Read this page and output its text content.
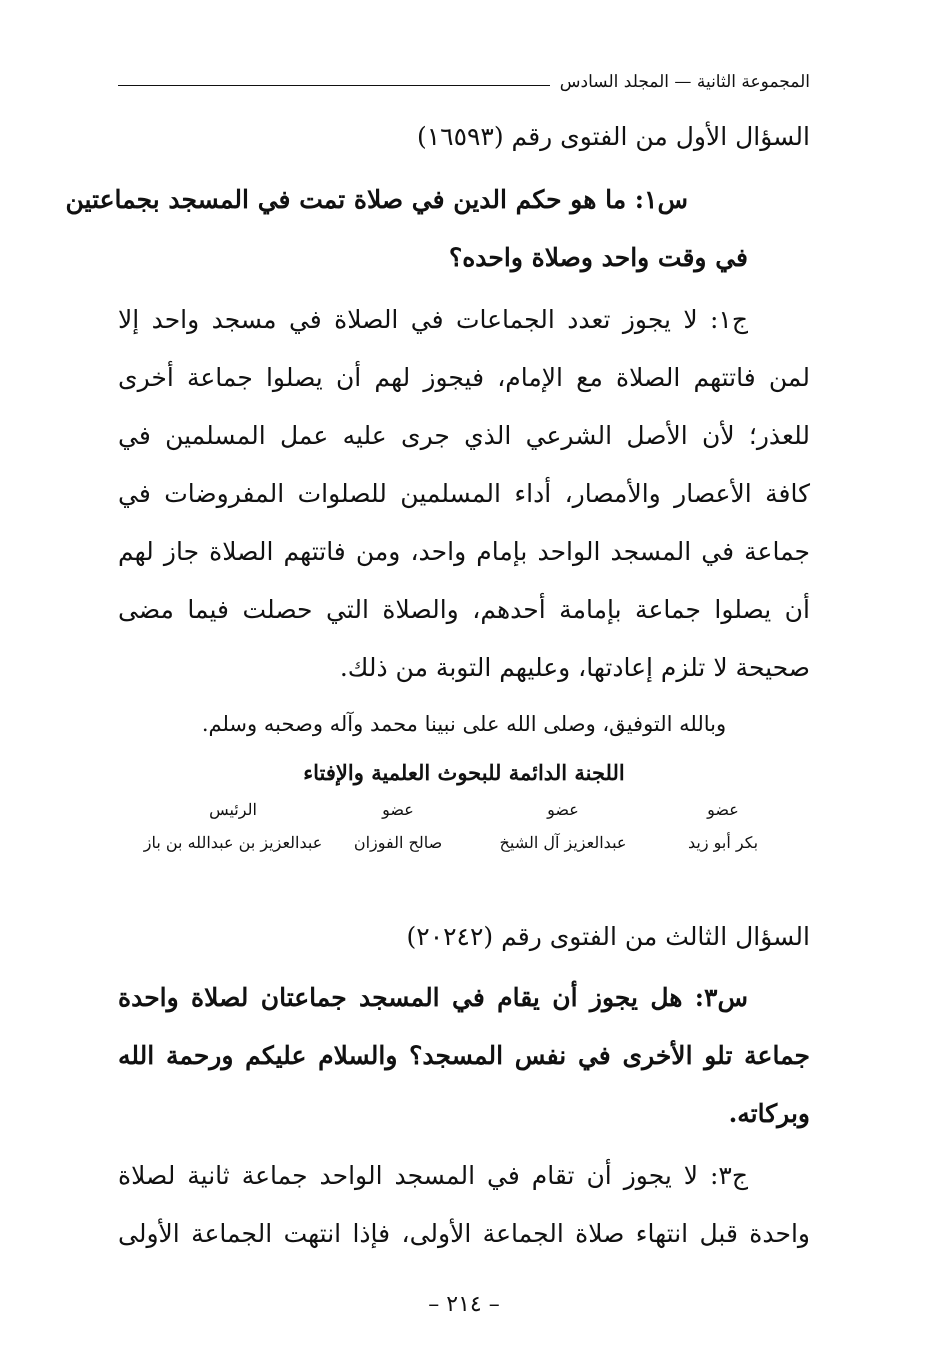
المجموعة الثانية — المجلد السادس
السؤال الأول من الفتوى رقم (١٦٥٩٣)
س١: ما هو حكم الدين في صلاة تمت في المسجد بجماعتين
في وقت واحد وصلاة واحده؟
ج١: لا يجوز تعدد الجماعات في الصلاة في مسجد واحد إلا
لمن فاتتهم الصلاة مع الإمام، فيجوز لهم أن يصلوا جماعة أخرى
للعذر؛ لأن الأصل الشرعي الذي جرى عليه عمل المسلمين في
كافة الأعصار والأمصار، أداء المسلمين للصلوات المفروضات في
جماعة في المسجد الواحد بإمام واحد، ومن فاتتهم الصلاة جاز لهم
أن يصلوا جماعة بإمامة أحدهم، والصلاة التي حصلت فيما مضى
صحيحة لا تلزم إعادتها، وعليهم التوبة من ذلك.
وبالله التوفيق، وصلى الله على نبينا محمد وآله وصحبه وسلم.
اللجنة الدائمة للبحوث العلمية والإفتاء
عضو
بكر أبو زيد
عضو
عبدالعزيز آل الشيخ
عضو
صالح الفوزان
الرئيس
عبدالعزيز بن عبدالله بن باز
السؤال الثالث من الفتوى رقم (٢٠٢٤٢)
س٣: هل يجوز أن يقام في المسجد جماعتان لصلاة واحدة
جماعة تلو الأخرى في نفس المسجد؟ والسلام عليكم ورحمة الله
وبركاته.
ج٣: لا يجوز أن تقام في المسجد الواحد جماعة ثانية لصلاة
واحدة قبل انتهاء صلاة الجماعة الأولى، فإذا انتهت الجماعة الأولى
– ٢١٤ –
